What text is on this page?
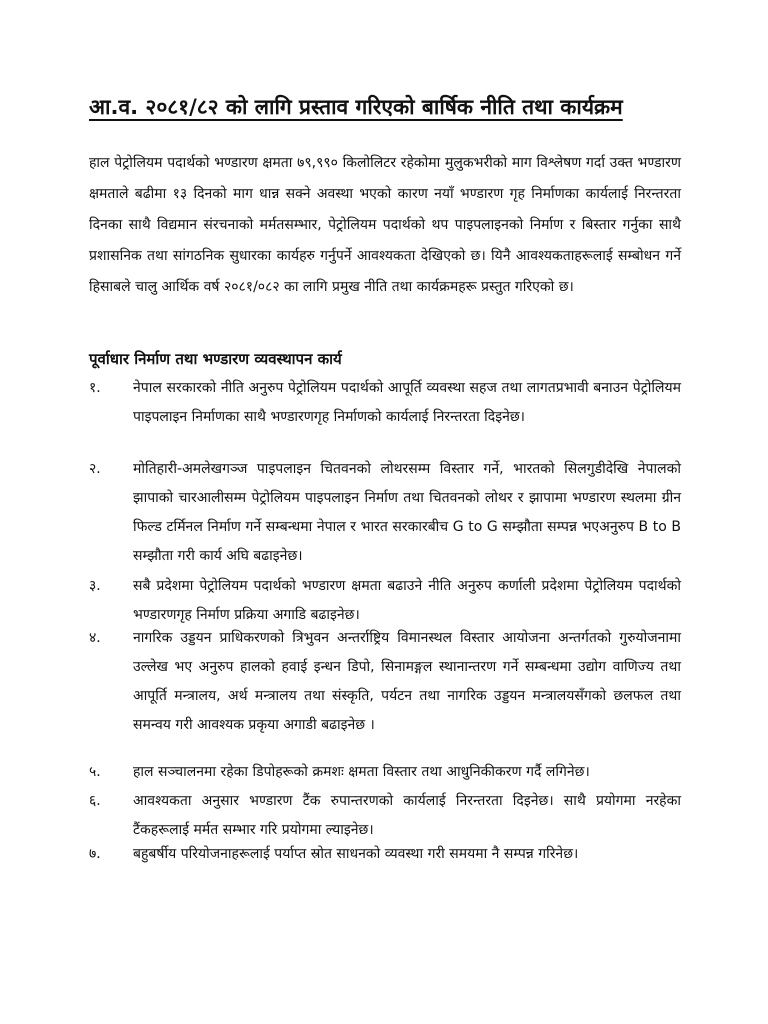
आ.व. २०८१/८२ को लागि प्रस्ताव गरिएको बार्षिक नीति तथा कार्यक्रम
हाल पेट्रोलियम पदार्थको भण्डारण क्षमता ७९,९९० किलोलिटर रहेकोमा मुलुकभरीको माग विश्लेषण गर्दा उक्त भण्डारण क्षमताले बढीमा १३ दिनको माग धान्न सक्ने अवस्था भएको कारण नयाँ भण्डारण गृह निर्माणका कार्यलाई निरन्तरता दिनका साथै विद्यमान संरचनाको मर्मतसम्भार, पेट्रोलियम पदार्थको थप पाइपलाइनको निर्माण र बिस्तार गर्नुका साथै प्रशासनिक तथा सांगठनिक सुधारका कार्यहरु गर्नुपर्ने आवश्यकता देखिएको छ। यिनै आवश्यकताहरूलाई सम्बोधन गर्ने हिसाबले चालु आर्थिक वर्ष २०८१/०८२ का लागि प्रमुख नीति तथा कार्यक्रमहरू प्रस्तुत गरिएको छ।
पूर्वाधार निर्माण तथा भण्डारण व्यवस्थापन कार्य
१.	नेपाल सरकारको नीति अनुरुप पेट्रोलियम पदार्थको आपूर्ति व्यवस्था सहज तथा लागतप्रभावी बनाउन पेट्रोलियम पाइपलाइन निर्माणका साथै भण्डारणगृह निर्माणको कार्यलाई निरन्तरता दिइनेछ।
२.	मोतिहारी-अमलेखगञ्ज पाइपलाइन चितवनको लोथरसम्म विस्तार गर्ने, भारतको सिलगुडीदेखि नेपालको झापाको चारआलीसम्म पेट्रोलियम पाइपलाइन निर्माण तथा चितवनको लोथर र झापामा भण्डारण स्थलमा ग्रीन फिल्ड टर्मिनल निर्माण गर्ने सम्बन्धमा नेपाल र भारत सरकारबीच G to G सम्झौता सम्पन्न भएअनुरुप B to B सम्झौता गरी कार्य अघि बढाइनेछ।
३.	सबै प्रदेशमा पेट्रोलियम पदार्थको भण्डारण क्षमता बढाउने नीति अनुरुप कर्णाली प्रदेशमा पेट्रोलियम पदार्थको भण्डारणगृह निर्माण प्रक्रिया अगाडि बढाइनेछ।
४.	नागरिक उड्डयन प्राधिकरणको त्रिभुवन अन्तर्राष्ट्रिय विमानस्थल विस्तार आयोजना अन्तर्गतको गुरुयोजनामा उल्लेख भए अनुरुप हालको हवाई इन्धन डिपो, सिनामङ्गल स्थानान्तरण गर्ने सम्बन्धमा उद्योग वाणिज्य तथा आपूर्ति मन्त्रालय, अर्थ मन्त्रालय तथा संस्कृति, पर्यटन तथा नागरिक उड्डयन मन्त्रालयसँगको छलफल तथा समन्वय गरी आवश्यक प्रकृया अगाडी बढाइनेछ ।
५.	हाल सञ्चालनमा रहेका डिपोहरूको क्रमशः क्षमता विस्तार तथा आधुनिकीकरण गर्दै लगिनेछ।
६.	आवश्यकता अनुसार भण्डारण टैंक रुपान्तरणको कार्यलाई निरन्तरता दिइनेछ। साथै प्रयोगमा नरहेका टैंकहरूलाई मर्मत सम्भार गरि प्रयोगमा ल्याइनेछ।
७.	बहुबर्षीय परियोजनाहरूलाई पर्याप्त स्रोत साधनको व्यवस्था गरी समयमा नै सम्पन्न गरिनेछ।
